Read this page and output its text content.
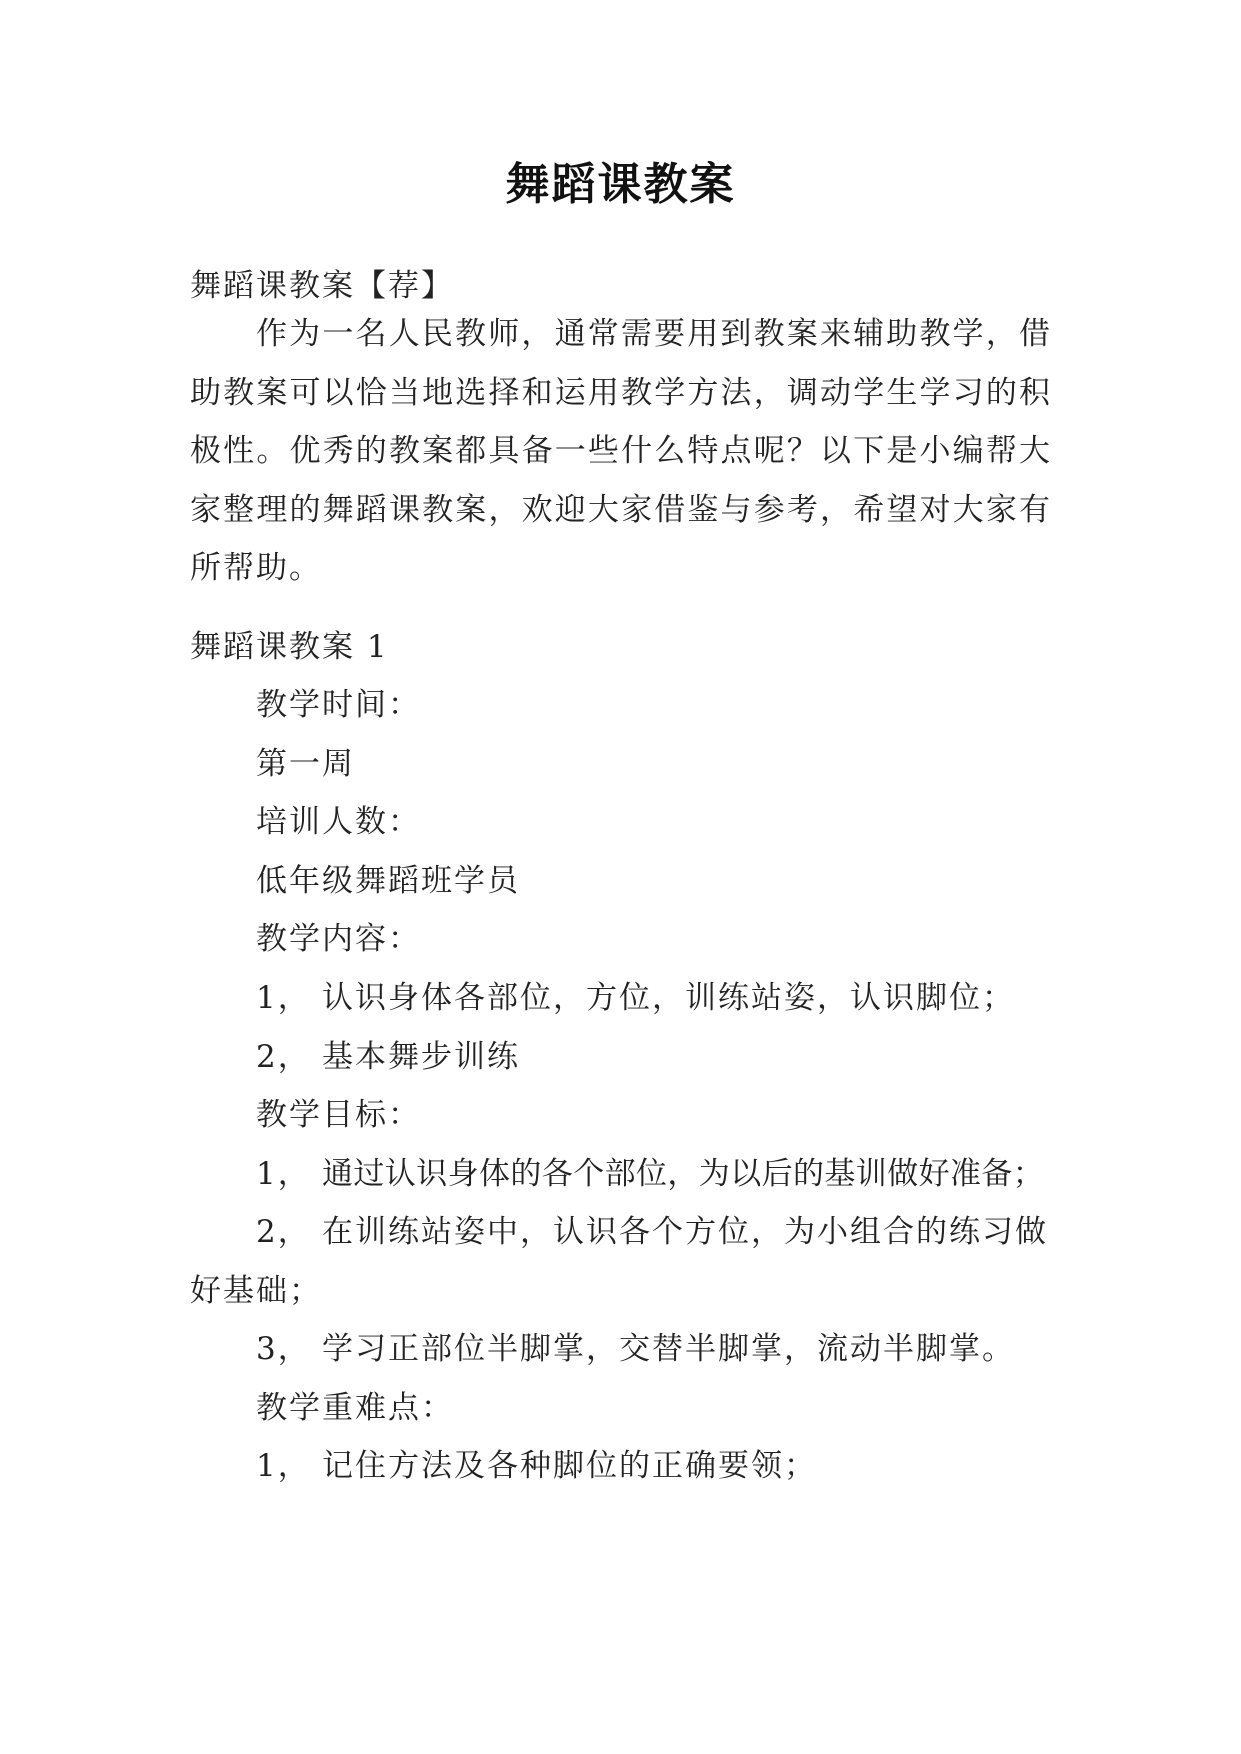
舞蹈课教案
舞蹈课教案【荐】
作为一名人民教师，通常需要用到教案来辅助教学，借助教案可以恰当地选择和运用教学方法，调动学生学习的积极性。优秀的教案都具备一些什么特点呢？以下是小编帮大家整理的舞蹈课教案，欢迎大家借鉴与参考，希望对大家有所帮助。
舞蹈课教案 1
教学时间：
第一周
培训人数：
低年级舞蹈班学员
教学内容：
1， 认识身体各部位，方位，训练站姿，认识脚位；
2， 基本舞步训练
教学目标：
1， 通过认识身体的各个部位，为以后的基训做好准备；
2， 在训练站姿中，认识各个方位，为小组合的练习做
好基础；
3， 学习正部位半脚掌，交替半脚掌，流动半脚掌。
教学重难点：
1， 记住方法及各种脚位的正确要领；
